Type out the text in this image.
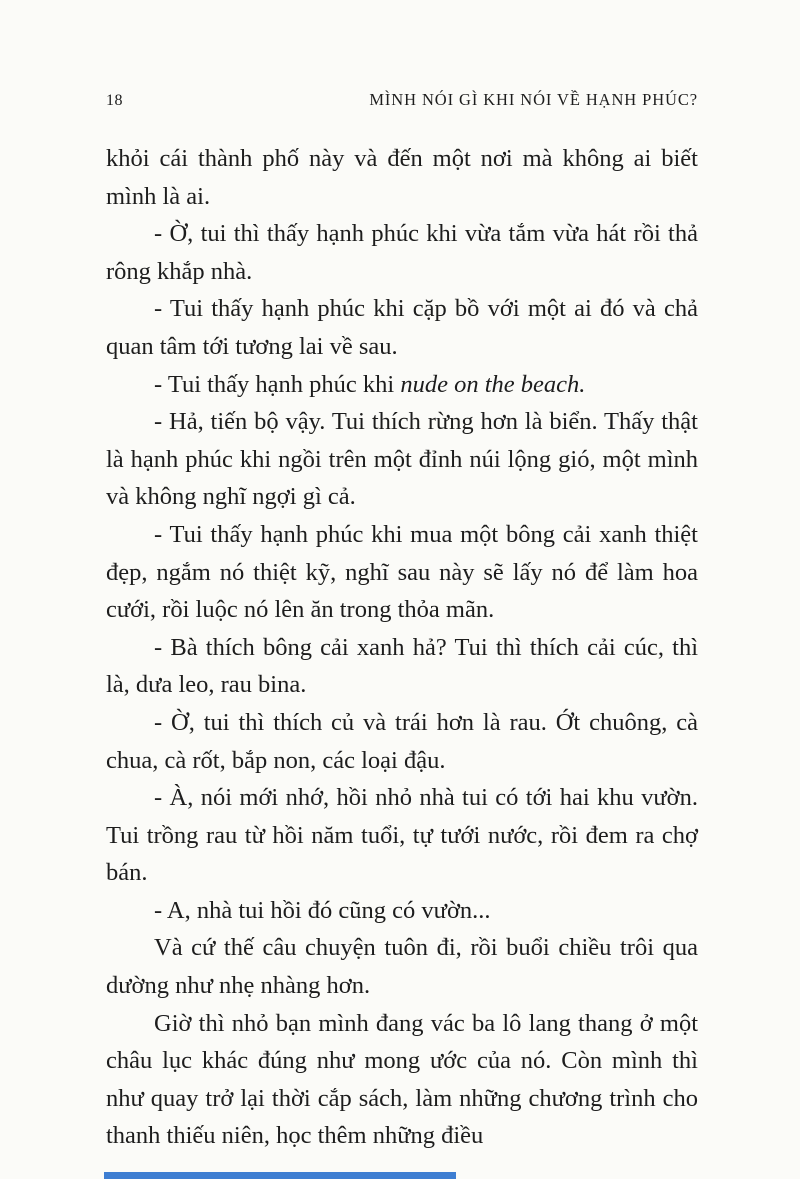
18	MÌNH NÓI GÌ KHI NÓI VỀ HẠNH PHÚC?

khỏi cái thành phố này và đến một nơi mà không ai biết mình là ai.

- Ờ, tui thì thấy hạnh phúc khi vừa tắm vừa hát rồi thả rông khắp nhà.

- Tui thấy hạnh phúc khi cặp bồ với một ai đó và chả quan tâm tới tương lai về sau.

- Tui thấy hạnh phúc khi nude on the beach.

- Hả, tiến bộ vậy. Tui thích rừng hơn là biển. Thấy thật là hạnh phúc khi ngồi trên một đỉnh núi lộng gió, một mình và không nghĩ ngợi gì cả.

- Tui thấy hạnh phúc khi mua một bông cải xanh thiệt đẹp, ngắm nó thiệt kỹ, nghĩ sau này sẽ lấy nó để làm hoa cưới, rồi luộc nó lên ăn trong thỏa mãn.

- Bà thích bông cải xanh hả? Tui thì thích cải cúc, thì là, dưa leo, rau bina.

- Ờ, tui thì thích củ và trái hơn là rau. Ớt chuông, cà chua, cà rốt, bắp non, các loại đậu.

- À, nói mới nhớ, hồi nhỏ nhà tui có tới hai khu vườn. Tui trồng rau từ hồi năm tuổi, tự tưới nước, rồi đem ra chợ bán.

- A, nhà tui hồi đó cũng có vườn...

Và cứ thế câu chuyện tuôn đi, rồi buổi chiều trôi qua dường như nhẹ nhàng hơn.

Giờ thì nhỏ bạn mình đang vác ba lô lang thang ở một châu lục khác đúng như mong ước của nó. Còn mình thì như quay trở lại thời cắp sách, làm những chương trình cho thanh thiếu niên, học thêm những điều
